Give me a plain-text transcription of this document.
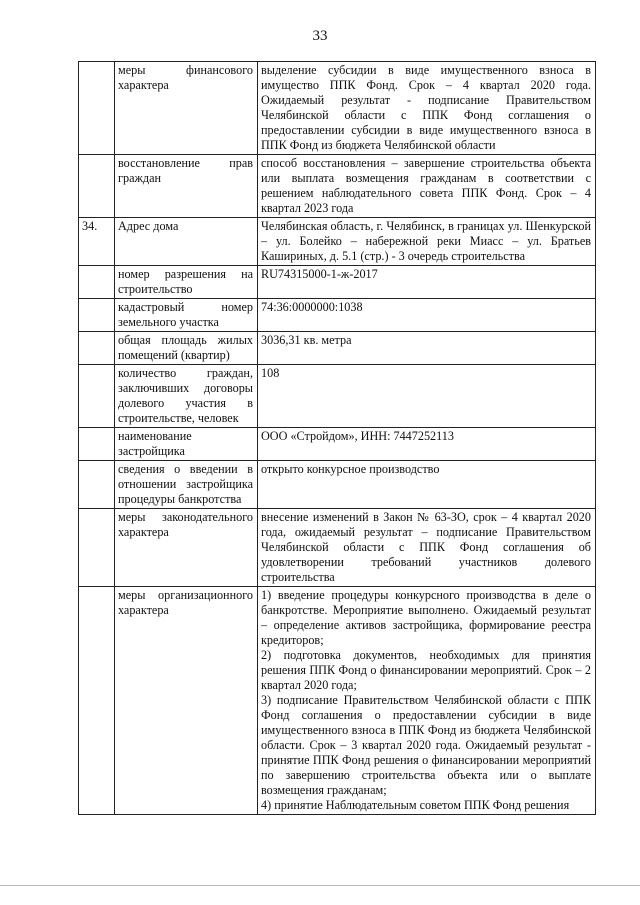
33
	меры финансового характера	выделение субсидии в виде имущественного взноса в имущество ППК Фонд. Срок – 4 квартал 2020 года. Ожидаемый результат - подписание Правительством Челябинской области с ППК Фонд соглашения о предоставлении субсидии в виде имущественного взноса в ППК Фонд из бюджета Челябинской области

	восстановление прав граждан	способ восстановления – завершение строительства объекта или выплата возмещения гражданам в соответствии с решением наблюдательного совета ППК Фонд. Срок – 4 квартал 2023 года

34.	Адрес дома	Челябинская область, г. Челябинск, в границах ул. Шенкурской – ул. Болейко – набережной реки Миасс – ул. Братьев Кашириных, д. 5.1 (стр.) - 3 очередь строительства

	номер разрешения на строительство	RU74315000-1-ж-2017

	кадастровый номер земельного участка	74:36:0000000:1038

	общая площадь жилых помещений (квартир)	3036,31 кв. метра

	количество граждан, заключивших договоры долевого участия в строительстве, человек	108

	наименование застройщика	ООО «Стройдом», ИНН: 7447252113

	сведения о введении в отношении застройщика процедуры банкротства	открыто конкурсное производство

	меры законодательного характера	внесение изменений в Закон № 63-ЗО, срок – 4 квартал 2020 года, ожидаемый результат – подписание Правительством Челябинской области с ППК Фонд соглашения об удовлетворении требований участников долевого строительства

	меры организационного характера	1) введение процедуры конкурсного производства в деле о банкротстве. Мероприятие выполнено. Ожидаемый результат – определение активов застройщика, формирование реестра кредиторов;
2) подготовка документов, необходимых для принятия решения ППК Фонд о финансировании мероприятий. Срок – 2 квартал 2020 года;
3) подписание Правительством Челябинской области с ППК Фонд соглашения о предоставлении субсидии в виде имущественного взноса в ППК Фонд из бюджета Челябинской области. Срок – 3 квартал 2020 года. Ожидаемый результат - принятие ППК Фонд решения о финансировании мероприятий по завершению строительства объекта или о выплате возмещения гражданам;
4) принятие Наблюдательным советом ППК Фонд решения
